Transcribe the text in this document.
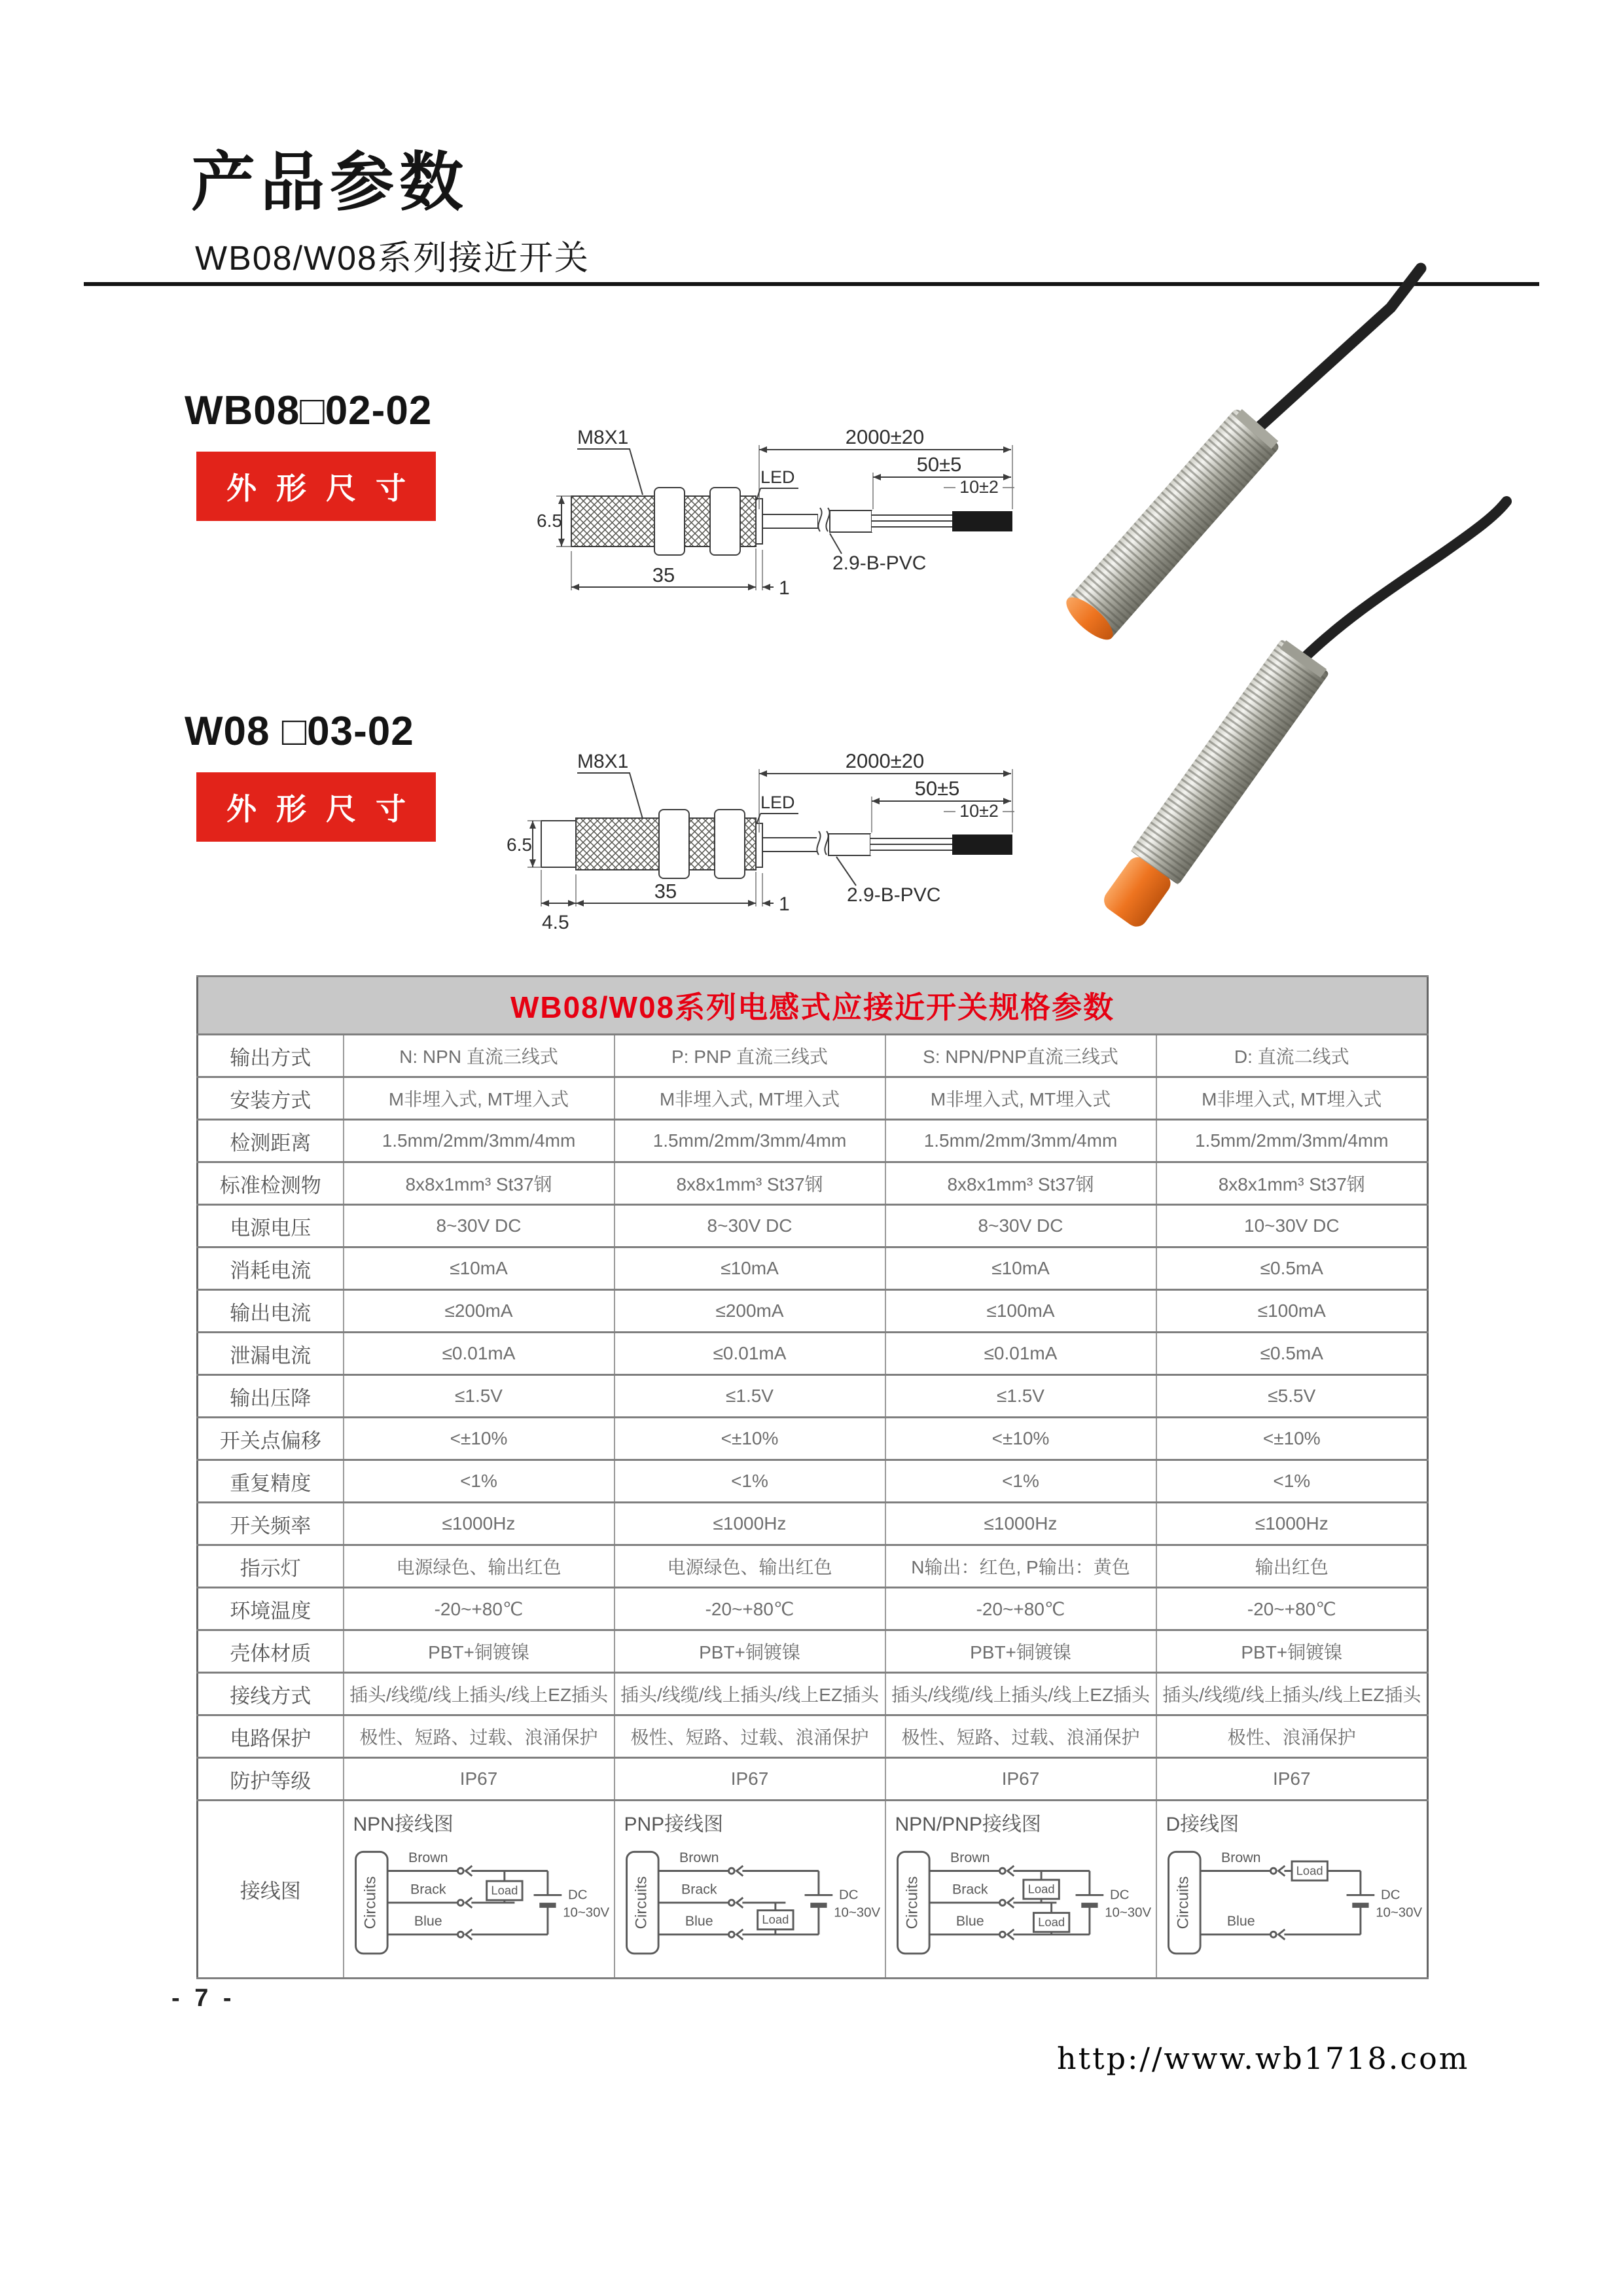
产品参数
WB08/W08系列接近开关
WB08□02-02
外形尺寸
M8X1	2000±20
50±5
10±2
LED
6.5
35
1
2.9-B-PVC
W08 □03-02
外形尺寸
M8X1	2000±20
50±5
10±2
LED
6.5
35
4.5
1	2.9-B-PVC
WB08/W08系列电感式应接近开关规格参数				
输出方式	N: NPN 直流三线式	P: PNP 直流三线式	S: NPN/PNP直流三线式	D: 直流二线式
安装方式	M非埋入式, MT埋入式	M非埋入式, MT埋入式	M非埋入式, MT埋入式	M非埋入式, MT埋入式
检测距离	1.5mm/2mm/3mm/4mm	1.5mm/2mm/3mm/4mm	1.5mm/2mm/3mm/4mm	1.5mm/2mm/3mm/4mm
标准检测物	8x8x1mm³ St37钢	8x8x1mm³ St37钢	8x8x1mm³ St37钢	8x8x1mm³ St37钢
电源电压	8~30V DC	8~30V DC	8~30V DC	10~30V DC
消耗电流	≤10mA	≤10mA	≤10mA	≤0.5mA
输出电流	≤200mA	≤200mA	≤100mA	≤100mA
泄漏电流	≤0.01mA	≤0.01mA	≤0.01mA	≤0.5mA
输出压降	≤1.5V	≤1.5V	≤1.5V	≤5.5V
开关点偏移	<±10%	<±10%	<±10%	<±10%
重复精度	<1%	<1%	<1%	<1%
开关频率	≤1000Hz	≤1000Hz	≤1000Hz	≤1000Hz
指示灯	电源绿色、输出红色	电源绿色、输出红色	N输出：红色, P输出：黄色	输出红色
环境温度	-20~+80℃	-20~+80℃	-20~+80℃	-20~+80℃
壳体材质	PBT+铜镀镍	PBT+铜镀镍	PBT+铜镀镍	PBT+铜镀镍
接线方式	插头/线缆/线上插头/线上EZ插头	插头/线缆/线上插头/线上EZ插头	插头/线缆/线上插头/线上EZ插头	插头/线缆/线上插头/线上EZ插头
电路保护	极性、短路、过载、浪涌保护	极性、短路、过载、浪涌保护	极性、短路、过载、浪涌保护	极性、浪涌保护
防护等级	IP67	IP67	IP67	IP67
接线图	
NPN接线图
Circuits	Load
Brown
Brack
Blue
DC
10~30V

PNP接线图
Circuits	Load
Brown
Brack
Blue
DC
10~30V

NPN/PNP接线图
Circuits	Load
Load
Brown
Brack
Blue
DC
10~30V

D接线图
Circuits
Load
Brown
Blue
DC
10~30V
- 7 -
http://www.wb1718.com
